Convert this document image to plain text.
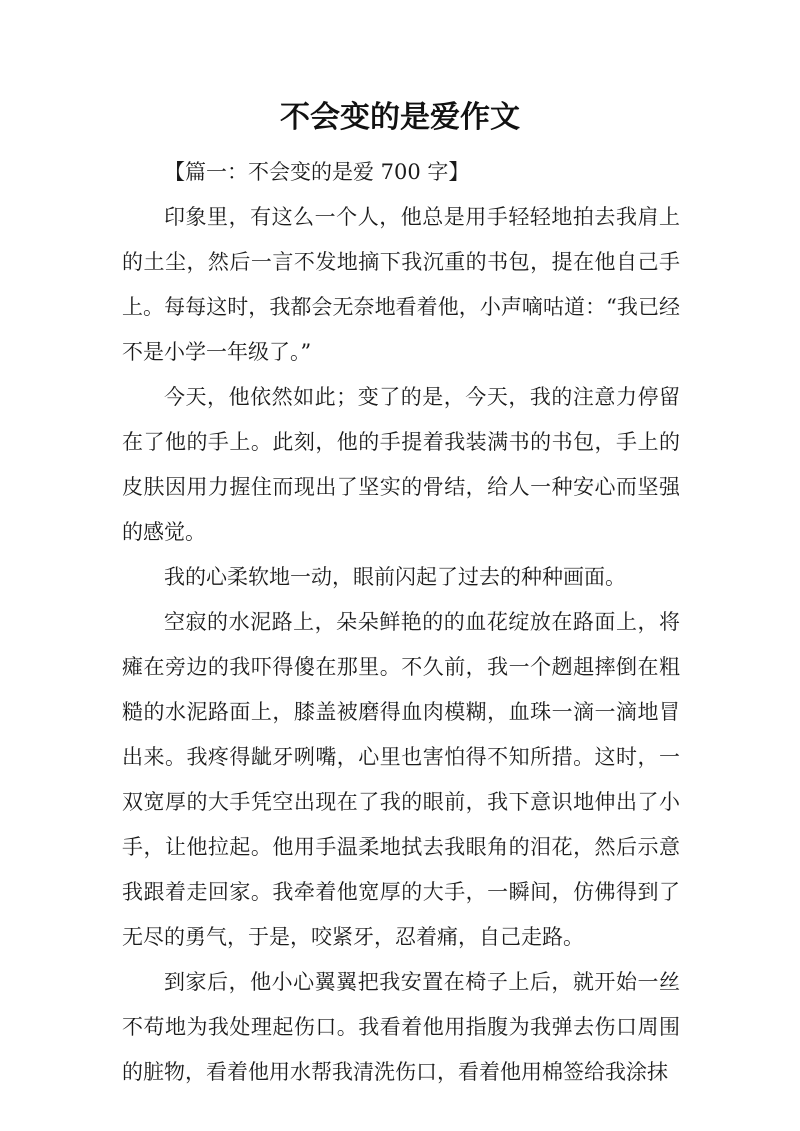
不会变的是爱作文

【篇一：不会变的是爱 700 字】

印象里，有这么一个人，他总是用手轻轻地拍去我肩上的土尘，然后一言不发地摘下我沉重的书包，提在他自己手上。每每这时，我都会无奈地看着他，小声嘀咕道：“我已经不是小学一年级了。”

今天，他依然如此；变了的是，今天，我的注意力停留在了他的手上。此刻，他的手提着我装满书的书包，手上的皮肤因用力握住而现出了坚实的骨结，给人一种安心而坚强的感觉。

我的心柔软地一动，眼前闪起了过去的种种画面。

空寂的水泥路上，朵朵鲜艳的的血花绽放在路面上，将瘫在旁边的我吓得傻在那里。不久前，我一个趔趄摔倒在粗糙的水泥路面上，膝盖被磨得血肉模糊，血珠一滴一滴地冒出来。我疼得龇牙咧嘴，心里也害怕得不知所措。这时，一双宽厚的大手凭空出现在了我的眼前，我下意识地伸出了小手，让他拉起。他用手温柔地拭去我眼角的泪花，然后示意我跟着走回家。我牵着他宽厚的大手，一瞬间，仿佛得到了无尽的勇气，于是，咬紧牙，忍着痛，自己走路。

到家后，他小心翼翼把我安置在椅子上后，就开始一丝不苟地为我处理起伤口。我看着他用指腹为我弹去伤口周围的脏物，看着他用水帮我清洗伤口，看着他用棉签给我涂抹
